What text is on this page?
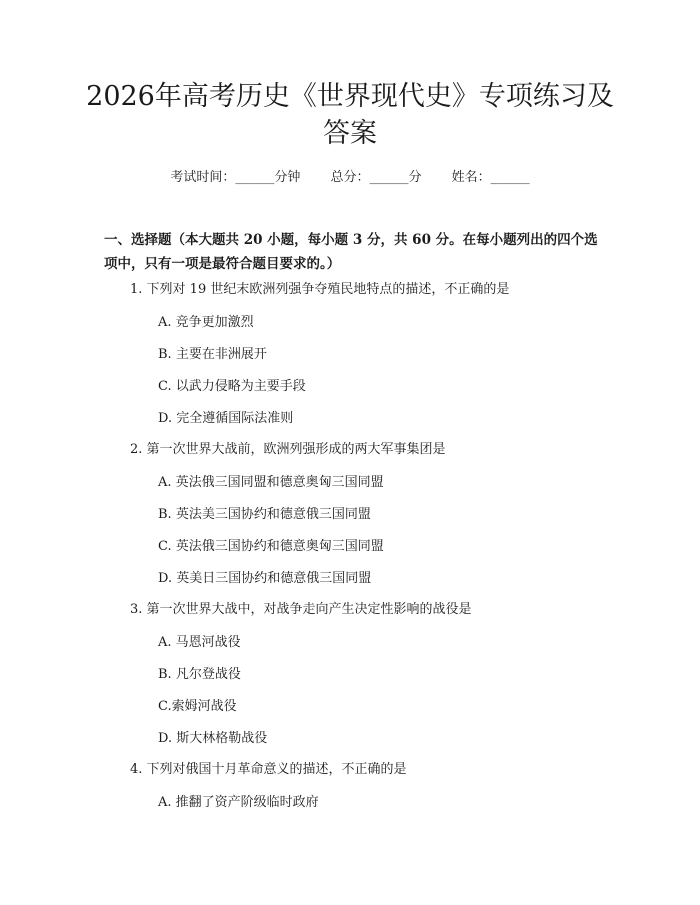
2026年高考历史《世界现代史》专项练习及
答案
考试时间：______分钟 总分：______分 姓名：______
一、选择题（本大题共 20 小题，每小题 3 分，共 60 分。在每小题列出的四个选
项中，只有一项是最符合题目要求的。）
1. 下列对 19 世纪末欧洲列强争夺殖民地特点的描述，不正确的是
A. 竞争更加激烈
B. 主要在非洲展开
C. 以武力侵略为主要手段
D. 完全遵循国际法准则
2. 第一次世界大战前，欧洲列强形成的两大军事集团是
A. 英法俄三国同盟和德意奥匈三国同盟
B. 英法美三国协约和德意俄三国同盟
C. 英法俄三国协约和德意奥匈三国同盟
D. 英美日三国协约和德意俄三国同盟
3. 第一次世界大战中，对战争走向产生决定性影响的战役是
A. 马恩河战役
B. 凡尔登战役
C.索姆河战役
D. 斯大林格勒战役
4. 下列对俄国十月革命意义的描述，不正确的是
A. 推翻了资产阶级临时政府
